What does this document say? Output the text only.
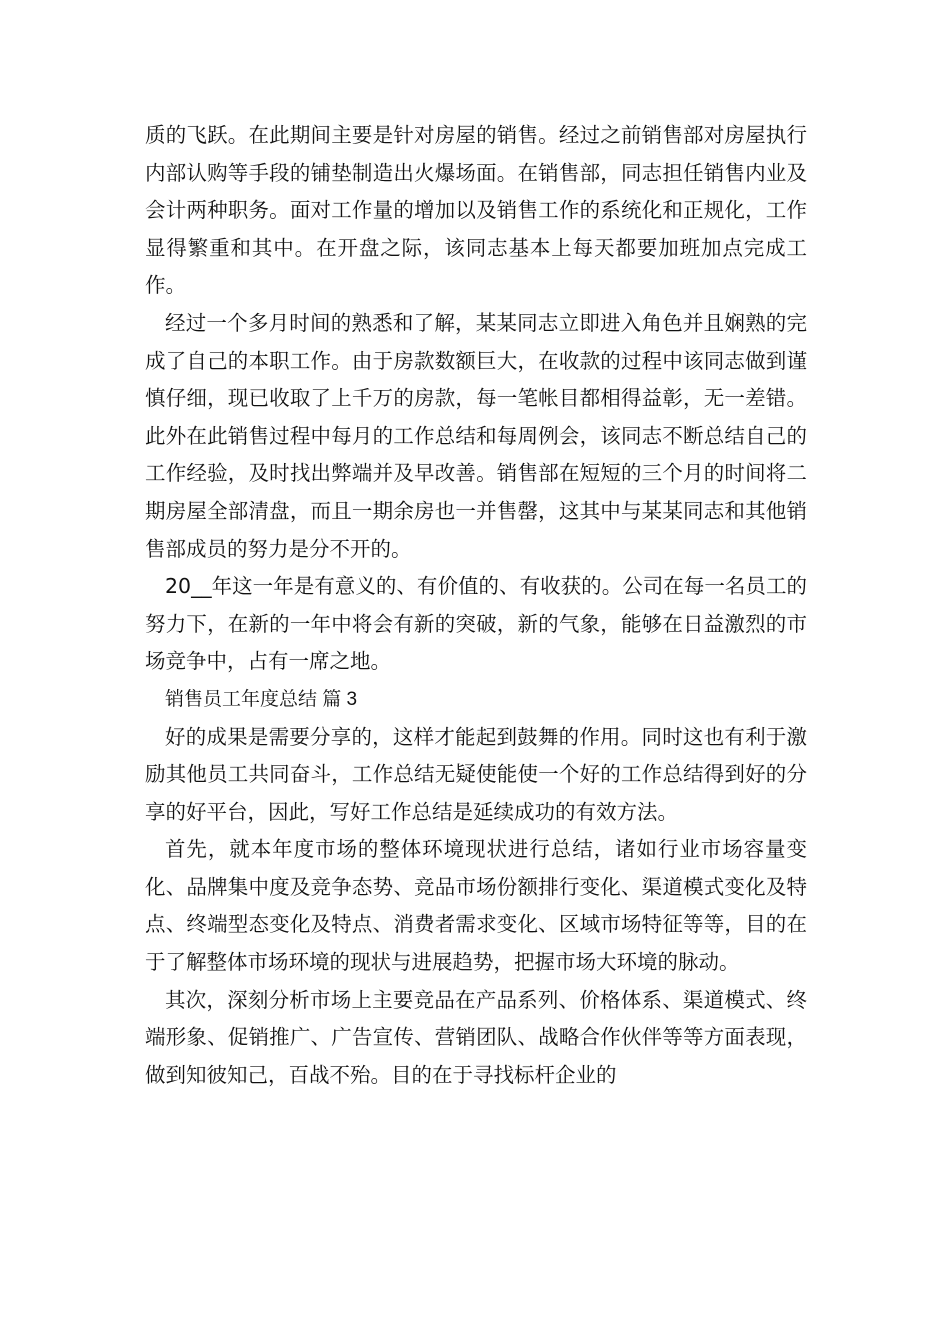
质的飞跃。在此期间主要是针对房屋的销售。经过之前销售部对房屋执行内部认购等手段的铺垫制造出火爆场面。在销售部，同志担任销售内业及会计两种职务。面对工作量的增加以及销售工作的系统化和正规化，工作显得繁重和其中。在开盘之际，该同志基本上每天都要加班加点完成工作。

经过一个多月时间的熟悉和了解，某某同志立即进入角色并且娴熟的完成了自己的本职工作。由于房款数额巨大，在收款的过程中该同志做到谨慎仔细，现已收取了上千万的房款，每一笔帐目都相得益彰，无一差错。此外在此销售过程中每月的工作总结和每周例会，该同志不断总结自己的工作经验，及时找出弊端并及早改善。销售部在短短的三个月的时间将二期房屋全部清盘，而且一期余房也一并售罄，这其中与某某同志和其他销售部成员的努力是分不开的。

20__年这一年是有意义的、有价值的、有收获的。公司在每一名员工的努力下，在新的一年中将会有新的突破，新的气象，能够在日益激烈的市场竞争中，占有一席之地。

销售员工年度总结 篇 3

好的成果是需要分享的，这样才能起到鼓舞的作用。同时这也有利于激励其他员工共同奋斗，工作总结无疑使能使一个好的工作总结得到好的分享的好平台，因此，写好工作总结是延续成功的有效方法。

首先，就本年度市场的整体环境现状进行总结，诸如行业市场容量变化、品牌集中度及竞争态势、竞品市场份额排行变化、渠道模式变化及特点、终端型态变化及特点、消费者需求变化、区域市场特征等等，目的在于了解整体市场环境的现状与进展趋势，把握市场大环境的脉动。

其次，深刻分析市场上主要竞品在产品系列、价格体系、渠道模式、终端形象、促销推广、广告宣传、营销团队、战略合作伙伴等等方面表现，做到知彼知己，百战不殆。目的在于寻找标杆企业的
